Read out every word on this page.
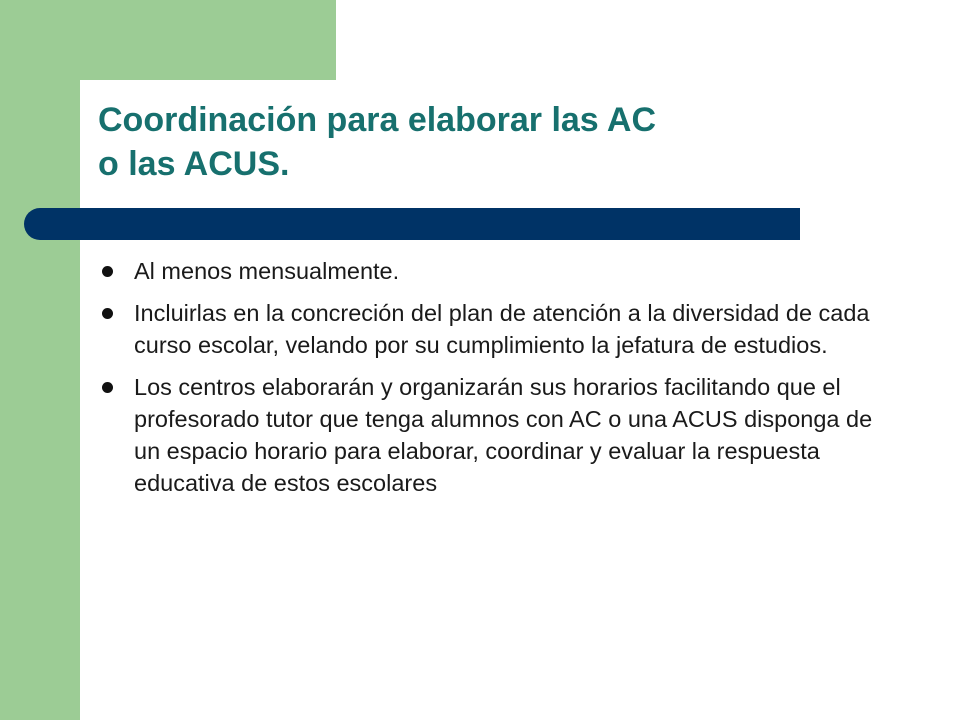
Coordinación para elaborar las AC
o las ACUS.
Al menos mensualmente.
Incluirlas en la concreción del plan de atención a la diversidad de cada curso escolar, velando por su cumplimiento la jefatura de estudios.
Los centros elaborarán y organizarán sus horarios facilitando que el profesorado tutor que tenga alumnos con AC o una ACUS disponga de un espacio horario para elaborar, coordinar y evaluar la respuesta educativa de estos escolares
